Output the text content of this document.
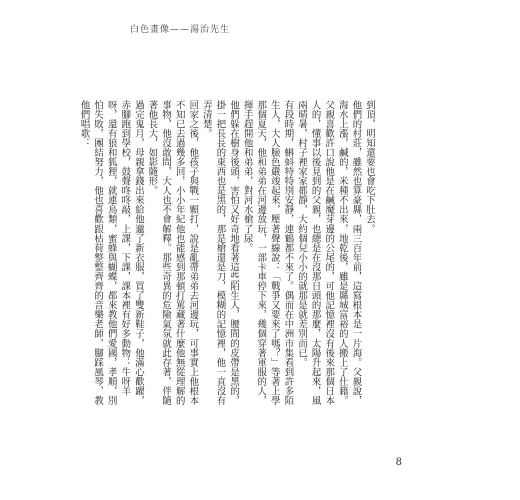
白色畫像——湯治先生

到頂，明知還要也會吃下肚去。

他們的村莊，雖然也算豪縣，兩三百年前，這寫根本是一片海。父親說，海水上漲，鹹的，米種不出來，地乾後，雖是縣城富裕的人搬上了仕籍。父親喜歡許口說他是在鹹魔芽邊的公尾的，可他記憶裡沒有後來那個日本人的，懂事以後見到的父親，也總是在沒那日頭的那麼，太陽升起來，風兩晴暑，村子裡家家都靜，大約個兒小小的就那是就差別而已。

有段時期，蝌蚪特特別安靜，連鶴都不來了。偶而在中洲市集看到許多陌生人，大人臉色嚴竣起來，壓著聲線說：「戰爭又要來了嗎？」等著上學那個夏天，他和弟弟在河邊放玩，一部卡車停下來，幾個穿著軍服的人，揮手趕開他和弟弟，對河水槍了尿。

他們躲在樹身後頭，害怕又好奇地看著這些陌生人，腰間的皮帶是黑的，掛一把長長的東西也是黑的，那是槍還是刀，模糊的記憶裡，他一直沒有弄清楚。

回家之後，他孩子與戰一顆打，說是亂帶弟弟去河邊玩，可事實上他根本不知已去過幾多回，小小年紀他也能感到那頓打罵藏著什麼他無從理解的事物，他沒敢問，大人也不會解釋。那些奇異的危險氣氛就此存著，伴隨著他長大，如影隨形。

過完鬼月，母親拿錢出來給他邋了新衣服，買了雙新鞋子，他滿心歡躍，赤腳跑到學校，鼓聲咚咚敲，上課，下課，課本裡有好多動物：牛呀羊呀，還有狼和狐狸，就連鳥類，蜜蜂與蝴蝶，都來教他們愛國，孝順，別怕失敗，團結努力，他也喜歡跟枯荷整整齊齊的音樂老師，腳踩風琴，教他們唱歌：

8
